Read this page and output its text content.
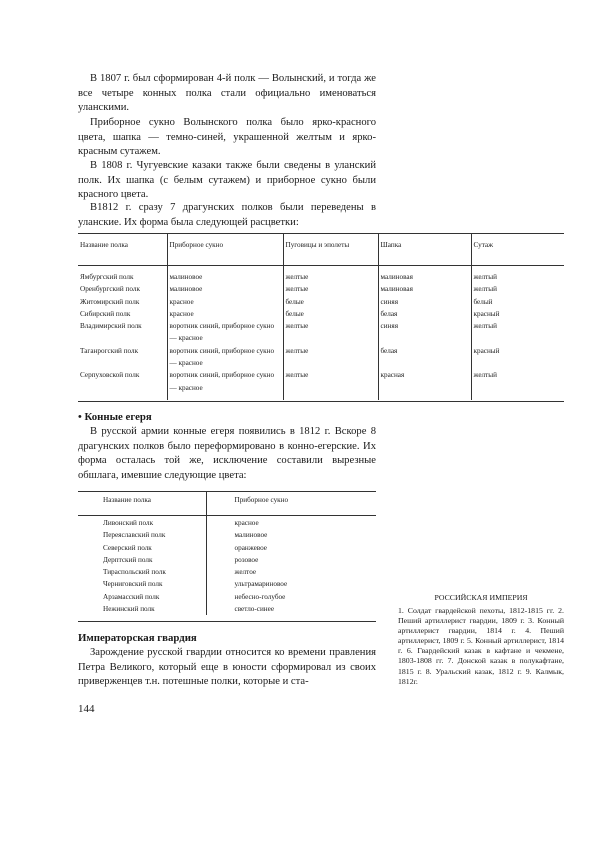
В 1807 г. был сформирован 4-й полк — Волынский, и тогда же все четыре конных полка стали официально именоваться уланскими.

Приборное сукно Волынского полка было ярко-красного цвета, шапка — темно-синей, украшенной желтым и ярко-красным сутажем.

В 1808 г. Чугуевские казаки также были сведены в уланский полк. Их шапка (с белым сутажем) и приборное сукно были красного цвета.

В1812 г. сразу 7 драгунских полков были переведены в уланские. Их форма была следующей расцветки:

Название полка	Приборное сукно	Пуговицы и эполеты	Шапка	Сутаж
Ямбургский полк	малиновое	желтые	малиновая	желтый
Оренбургский полк	малиновое	желтые	малиновая	желтый
Житомирский полк	красное	белые	синяя	белый
Сибирский полк	красное	белые	белая	красный
Владимирский полк	воротник синий, приборное сукно — красное	желтые	синяя	желтый
Таганрогский полк	воротник синий, приборное сукно — красное	желтые	белая	красный
Серпуховской полк	воротник синий, приборное сукно — красное	желтые	красная	желтый

• Конные егеря

В русской армии конные егеря появились в 1812 г. Вскоре 8 драгунских полков было переформировано в конно-егерские. Их форма осталась той же, исключение составили вырезные обшлага, имевшие следующие цвета:

Название полка	Приборное сукно
Ливонский полк	красное
Переяславский полк	малиновое
Северский полк	оранжевое
Дерптский полк	розовое
Тираспольский полк	желтое
Черниговский полк	ультрамариновое
Арзамасский полк	небесно-голубое
Нежинский полк	светло-синее

РОССИЙСКАЯ ИМПЕРИЯ

1. Солдат гвардейской пехоты, 1812-1815 гг. 2. Пеший артиллерист гвардии, 1809 г. 3. Конный артиллерист гвардии, 1814 г. 4. Пеший артиллерист, 1809 г. 5. Конный артиллерист, 1814 г. 6. Гвардейский казак в кафтане и чекмене, 1803-1808 гг. 7. Донской казак в полукафтане, 1815 г. 8. Уральский казак, 1812 г. 9. Калмык, 1812г.

Императорская гвардия

Зарождение русской гвардии относится ко времени правления Петра Великого, который еще в юности сформировал из своих приверженцев т.н. потешные полки, которые и ста-

144
